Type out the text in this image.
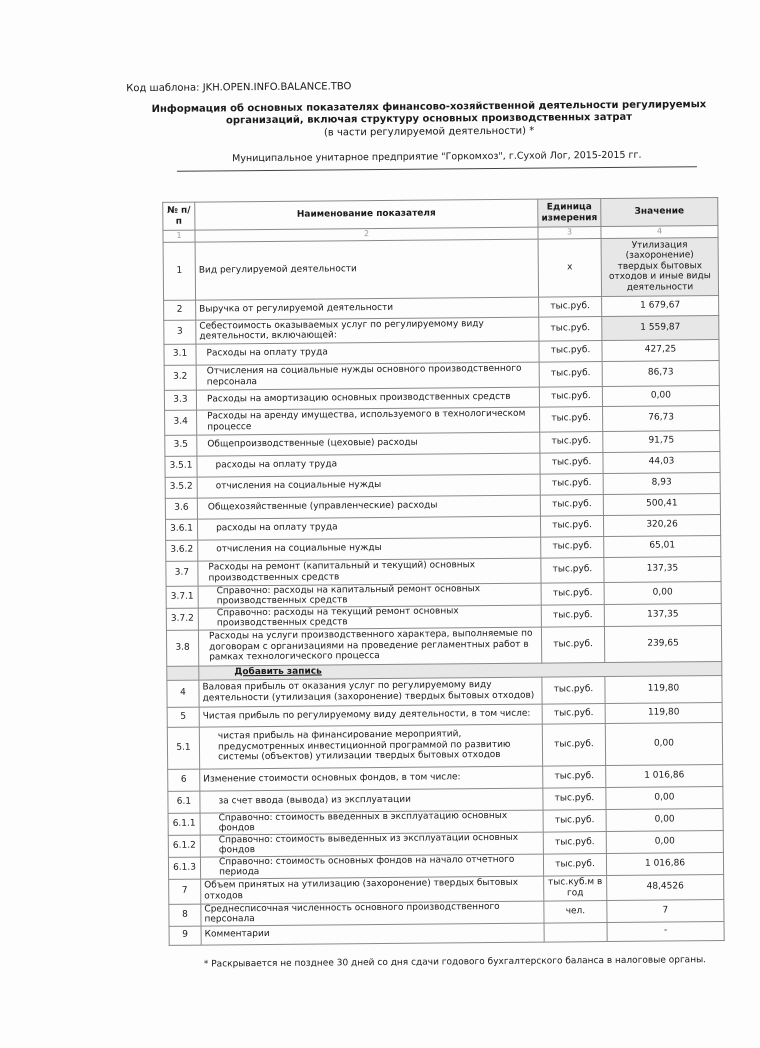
Код шаблона: JKH.OPEN.INFO.BALANCE.TBO
Информация об основных показателях финансово-хозяйственной деятельности регулируемых организаций, включая структуру основных производственных затрат
(в части регулируемой деятельности) *
Муниципальное унитарное предприятие "Горкомхоз", г.Сухой Лог, 2015-2015 гг.
№ п/п	Наименование показателя	Единица измерения	Значение
1	2	3	4
1	Вид регулируемой деятельности	х	Утилизация (захоронение) твердых бытовых отходов и иные виды деятельности
2	Выручка от регулируемой деятельности	тыс.руб.	1 679,67
3	Себестоимость оказываемых услуг по регулируемому виду деятельности, включающей:	тыс.руб.	1 559,87
3.1	Расходы на оплату труда	тыс.руб.	427,25
3.2	Отчисления на социальные нужды основного производственного персонала	тыс.руб.	86,73
3.3	Расходы на амортизацию основных производственных средств	тыс.руб.	0,00
3.4	Расходы на аренду имущества, используемого в технологическом процессе	тыс.руб.	76,73
3.5	Общепроизводственные (цеховые) расходы	тыс.руб.	91,75
3.5.1	расходы на оплату труда	тыс.руб.	44,03
3.5.2	отчисления на социальные нужды	тыс.руб.	8,93
3.6	Общехозяйственные (управленческие) расходы	тыс.руб.	500,41
3.6.1	расходы на оплату труда	тыс.руб.	320,26
3.6.2	отчисления на социальные нужды	тыс.руб.	65,01
3.7	Расходы на ремонт (капитальный и текущий) основных производственных средств	тыс.руб.	137,35
3.7.1	Справочно: расходы на капитальный ремонт основных производственных средств	тыс.руб.	0,00
3.7.2	Справочно: расходы на текущий ремонт основных производственных средств	тыс.руб.	137,35
3.8	Расходы на услуги производственного характера, выполняемые по договорам с организациями на проведение регламентных работ в рамках технологического процесса	тыс.руб.	239,65
	Добавить запись		
4	Валовая прибыль от оказания услуг по регулируемому виду деятельности (утилизация (захоронение) твердых бытовых отходов)	тыс.руб.	119,80
5	Чистая прибыль по регулируемому виду деятельности, в том числе:	тыс.руб.	119,80
5.1	чистая прибыль на финансирование мероприятий, предусмотренных инвестиционной программой по развитию системы (объектов) утилизации твердых бытовых отходов	тыс.руб.	0,00
6	Изменение стоимости основных фондов, в том числе:	тыс.руб.	1 016,86
6.1	за счет ввода (вывода) из эксплуатации	тыс.руб.	0,00
6.1.1	Справочно: стоимость введенных в эксплуатацию основных фондов	тыс.руб.	0,00
6.1.2	Справочно: стоимость выведенных из эксплуатации основных фондов	тыс.руб.	0,00
6.1.3	Справочно: стоимость основных фондов на начало отчетного периода	тыс.руб.	1 016,86
7	Объем принятых на утилизацию (захоронение) твердых бытовых отходов	тыс.куб.м в год	48,4526
8	Среднесписочная численность основного производственного персонала	чел.	7
9	Комментарии		-
* Раскрывается не позднее 30 дней со дня сдачи годового бухгалтерского баланса в налоговые органы.
